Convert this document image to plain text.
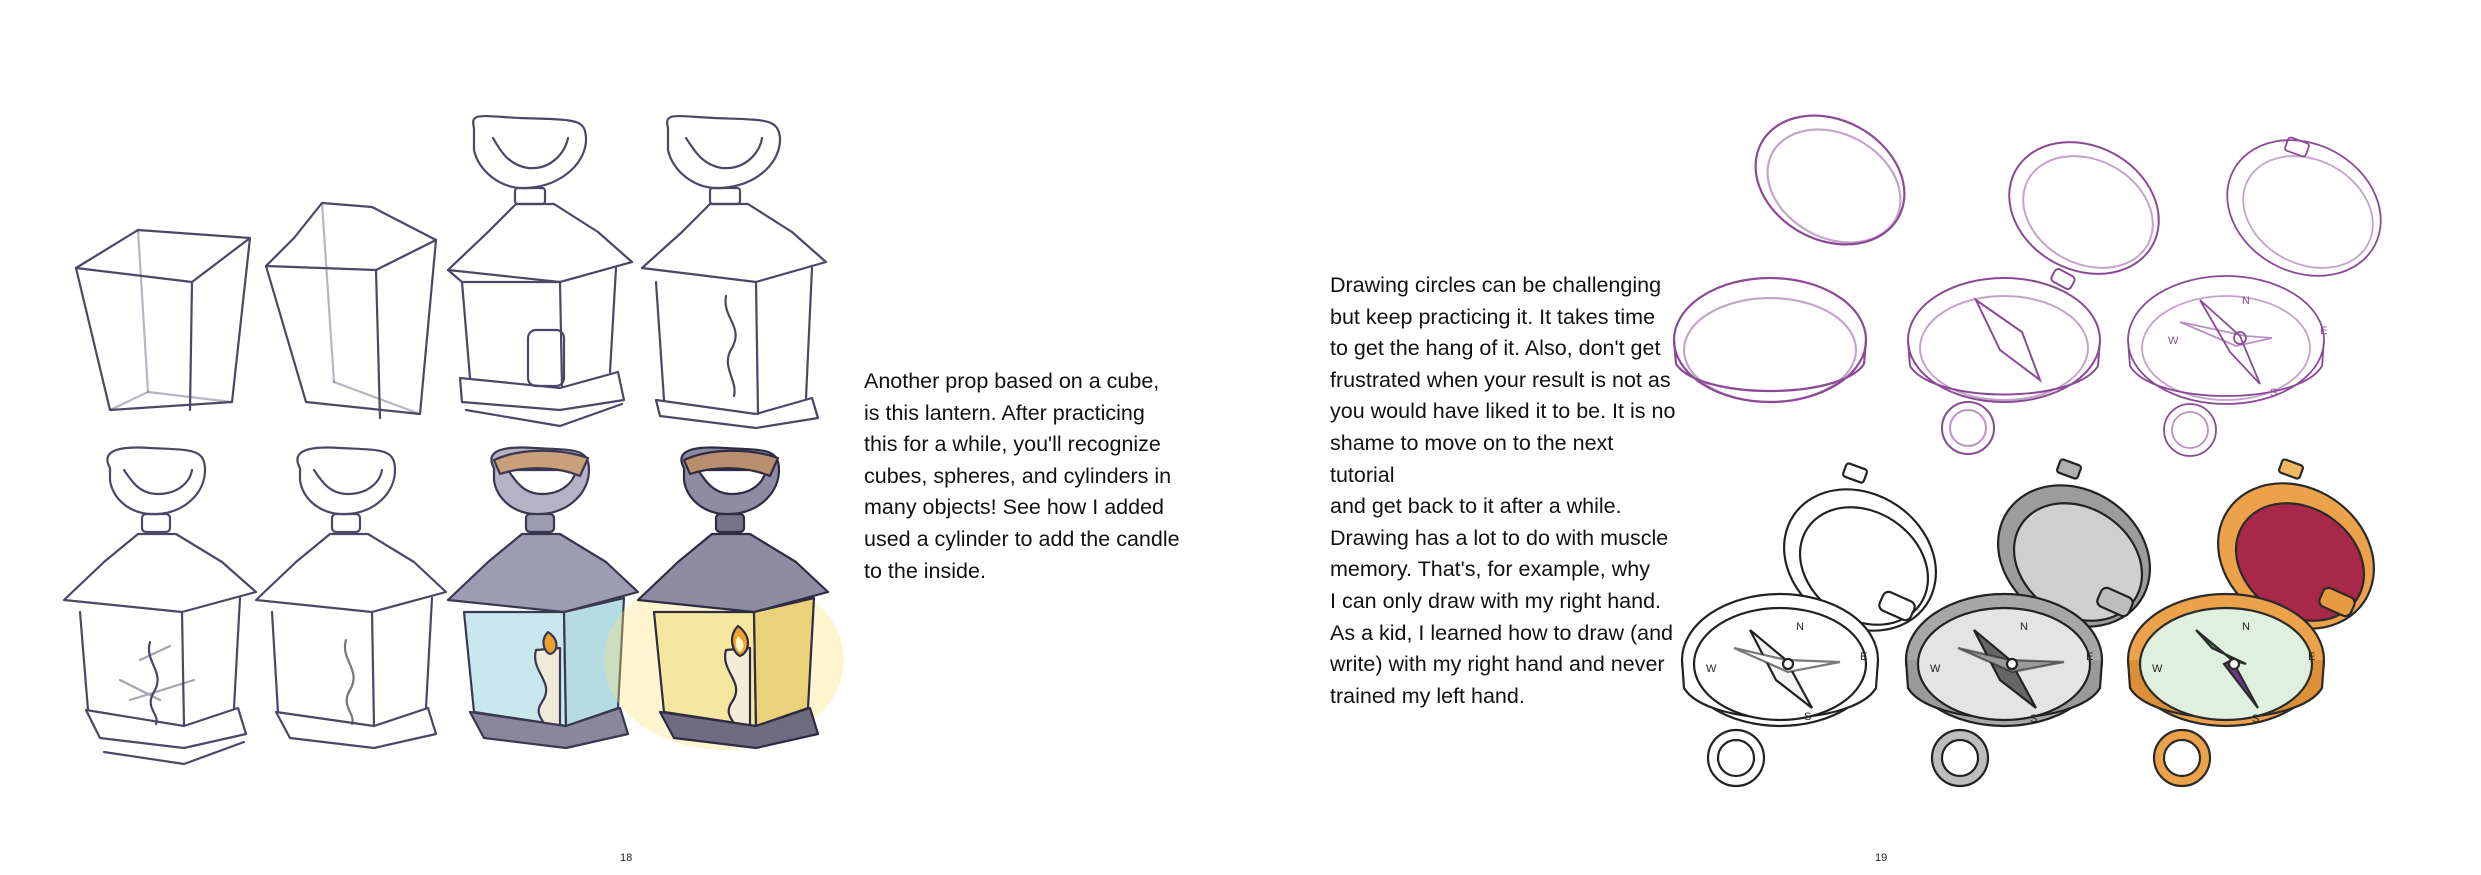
Another prop based on a cube,
is this lantern. After practicing
this for a while, you'll recognize
cubes, spheres, and cylinders in
many objects! See how I added
used a cylinder to add the candle
to the inside.

18

Drawing circles can be challenging
but keep practicing it. It takes time
to get the hang of it. Also, don't get
frustrated when your result is not as
you would have liked it to be. It is no
shame to move on to the next tutorial
and get back to it after a while.
Drawing has a lot to do with muscle
memory. That's, for example, why
I can only draw with my right hand.
As a kid, I learned how to draw (and
write) with my right hand and never
trained my left hand.

N
E
S
W
N
E
S
W
N
E
S
W
N
E
S
W
19
